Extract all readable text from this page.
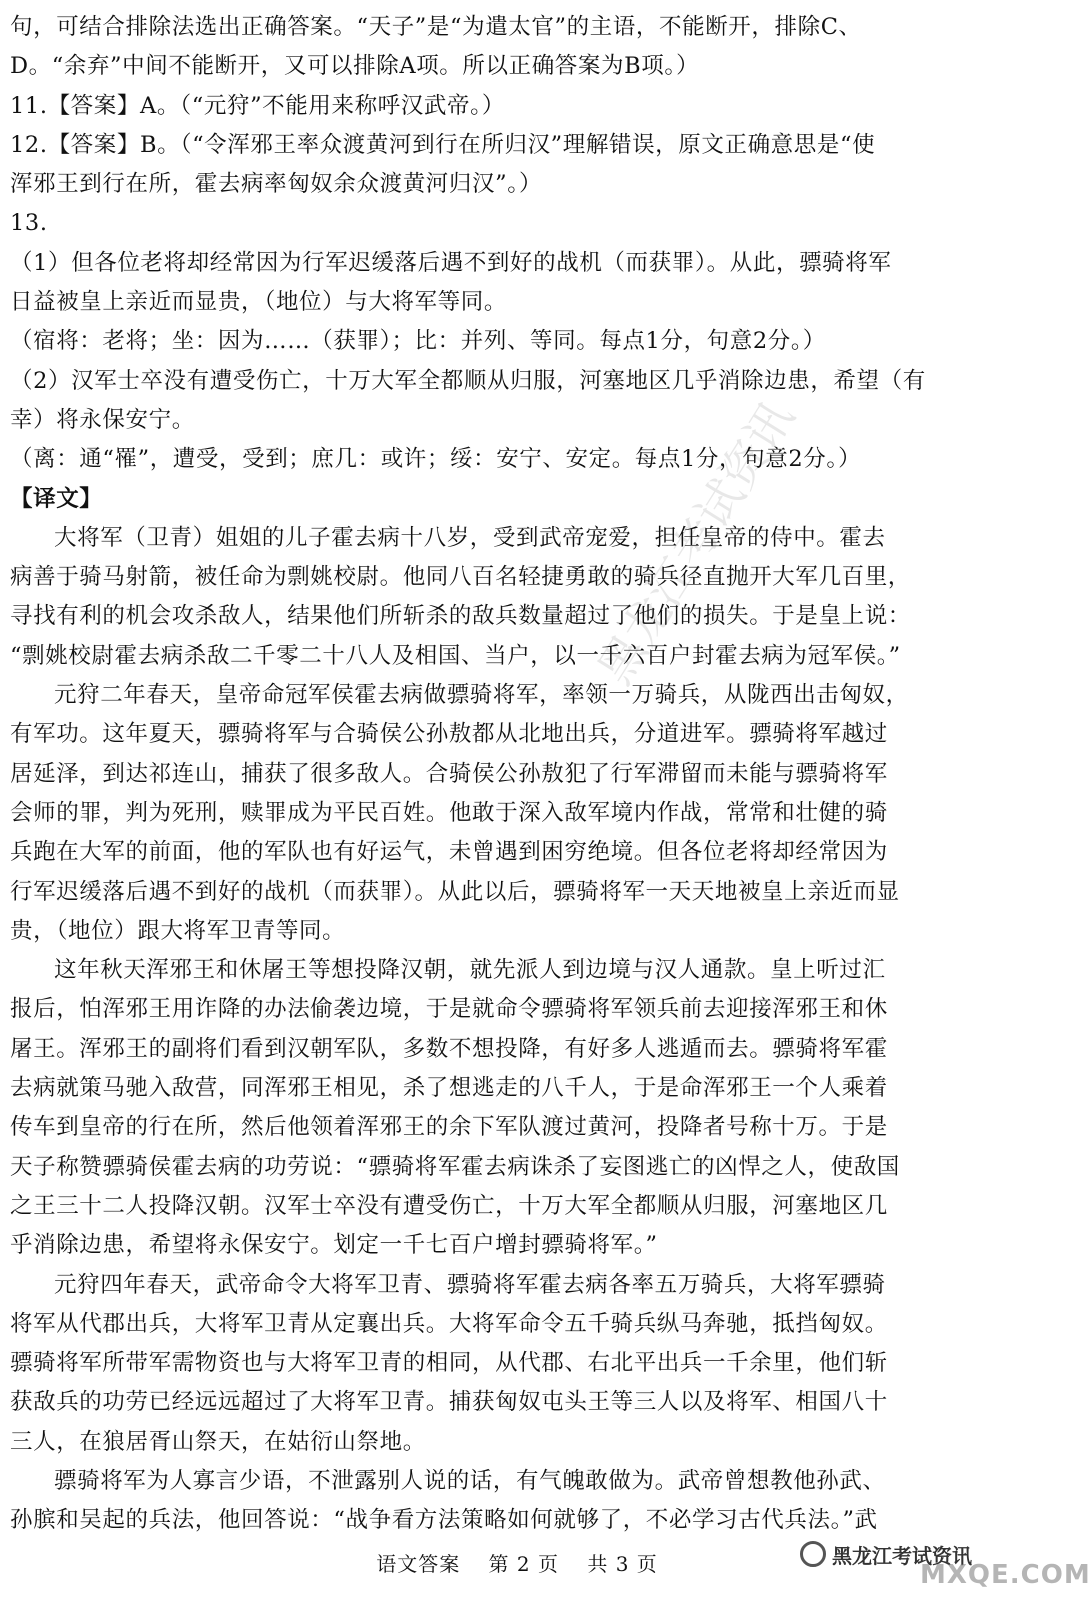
黑龙江考试资讯
句，可结合排除法选出正确答案。“天子”是“为遣太官”的主语，不能断开，排除C、
D。“余弃”中间不能断开，又可以排除A项。所以正确答案为B项。）
11.【答案】A。（“元狩”不能用来称呼汉武帝。）
12.【答案】B。（“令浑邪王率众渡黄河到行在所归汉”理解错误，原文正确意思是“使
浑邪王到行在所，霍去病率匈奴余众渡黄河归汉”。）
13.
（1）但各位老将却经常因为行军迟缓落后遇不到好的战机（而获罪）。从此，骠骑将军
日益被皇上亲近而显贵，（地位）与大将军等同。
（宿将：老将；坐：因为……（获罪）；比：并列、等同。每点1分，句意2分。）
（2）汉军士卒没有遭受伤亡，十万大军全都顺从归服，河塞地区几乎消除边患，希望（有
幸）将永保安宁。
（离：通“罹”，遭受，受到；庶几：或许；绥：安宁、安定。每点1分，句意2分。）
【译文】
大将军（卫青）姐姐的儿子霍去病十八岁，受到武帝宠爱，担任皇帝的侍中。霍去
病善于骑马射箭，被任命为剽姚校尉。他同八百名轻捷勇敢的骑兵径直抛开大军几百里，
寻找有利的机会攻杀敌人，结果他们所斩杀的敌兵数量超过了他们的损失。于是皇上说：
“剽姚校尉霍去病杀敌二千零二十八人及相国、当户，以一千六百户封霍去病为冠军侯。”
元狩二年春天，皇帝命冠军侯霍去病做骠骑将军，率领一万骑兵，从陇西出击匈奴，
有军功。这年夏天，骠骑将军与合骑侯公孙敖都从北地出兵，分道进军。骠骑将军越过
居延泽，到达祁连山，捕获了很多敌人。合骑侯公孙敖犯了行军滞留而未能与骠骑将军
会师的罪，判为死刑，赎罪成为平民百姓。他敢于深入敌军境内作战，常常和壮健的骑
兵跑在大军的前面，他的军队也有好运气，未曾遇到困穷绝境。但各位老将却经常因为
行军迟缓落后遇不到好的战机（而获罪）。从此以后，骠骑将军一天天地被皇上亲近而显
贵，（地位）跟大将军卫青等同。
这年秋天浑邪王和休屠王等想投降汉朝，就先派人到边境与汉人通款。皇上听过汇
报后，怕浑邪王用诈降的办法偷袭边境，于是就命令骠骑将军领兵前去迎接浑邪王和休
屠王。浑邪王的副将们看到汉朝军队，多数不想投降，有好多人逃遁而去。骠骑将军霍
去病就策马驰入敌营，同浑邪王相见，杀了想逃走的八千人，于是命浑邪王一个人乘着
传车到皇帝的行在所，然后他领着浑邪王的余下军队渡过黄河，投降者号称十万。于是
天子称赞骠骑侯霍去病的功劳说：“骠骑将军霍去病诛杀了妄图逃亡的凶悍之人，使敌国
之王三十二人投降汉朝。汉军士卒没有遭受伤亡，十万大军全都顺从归服，河塞地区几
乎消除边患，希望将永保安宁。划定一千七百户增封骠骑将军。”
元狩四年春天，武帝命令大将军卫青、骠骑将军霍去病各率五万骑兵，大将军骠骑
将军从代郡出兵，大将军卫青从定襄出兵。大将军命令五千骑兵纵马奔驰，抵挡匈奴。
骠骑将军所带军需物资也与大将军卫青的相同，从代郡、右北平出兵一千余里，他们斩
获敌兵的功劳已经远远超过了大将军卫青。捕获匈奴屯头王等三人以及将军、相国八十
三人，在狼居胥山祭天，在姑衍山祭地。
骠骑将军为人寡言少语，不泄露别人说的话，有气魄敢做为。武帝曾想教他孙武、
孙膑和吴起的兵法，他回答说：“战争看方法策略如何就够了，不必学习古代兵法。”武
语文答案　 第 2 页　 共 3 页	黑龙江考试资讯
MXQE.COM
